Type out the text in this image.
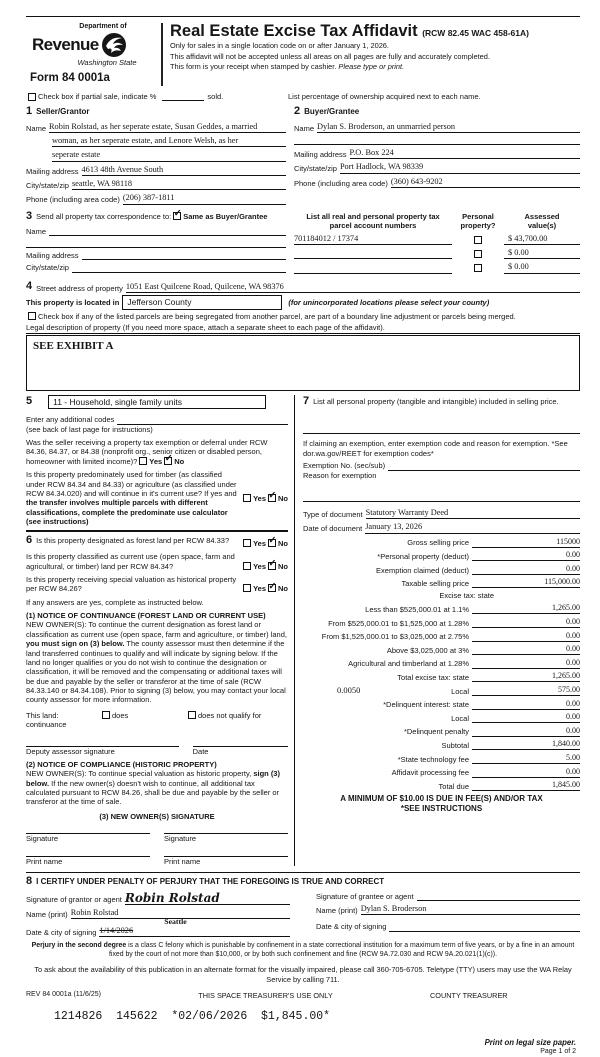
Department of
Revenue
Washington State
Form 84 0001a
Real Estate Excise Tax Affidavit (RCW 82.45 WAC 458-61A)
Only for sales in a single location code on or after January 1, 2026.
This affidavit will not be accepted unless all areas on all pages are fully and accurately completed.
This form is your receipt when stamped by cashier. Please type or print.
Check box if partial sale, indicate %	sold.	List percentage of ownership acquired next to each name.
1 Seller/Grantor
Name Robin Rolstad, as her seperate estate, Susan Geddes, a married
woman, as her seperate estate, and Lenore Welsh, as her
seperate estate
Mailing address 4613 48th Avenue South
City/state/zip seattle, WA 98118
Phone (including area code) (206) 387-1811
2 Buyer/Grantee
Name Dylan S. Broderson, an unmarried person
Mailing address P.O. Box 224
City/state/zip Port Hadlock, WA 98339
Phone (including area code) (360) 643-9202
3 Send all property tax correspondence to: ✓ Same as Buyer/Grantee
Name
Mailing address
City/state/zip
List all real and personal property tax
parcel account numbers
Personal
property?
Assessed
value(s)
701184012 / 17374	$ 43,700.00
$ 0.00
$ 0.00
4 Street address of property 1051 East Quilcene Road, Quilcene, WA 98376
This property is located in Jefferson County	(for unincorporated locations please select your county)
Check box if any of the listed parcels are being segregated from another parcel, are part of a boundary line adjustment or parcels being merged.
Legal description of property (If you need more space, attach a separate sheet to each page of the affidavit).
SEE EXHIBIT A
5	11 - Household, single family units
Enter any additional codes
(see back of last page for instructions)
Was the seller receiving a property tax exemption or deferral under RCW 84.36, 84.37, or 84.38 (nonprofit org., senior citizen or disabled person, homeowner with limited income)? Yes ✓ No
Is this property predominately used for timber (as classified under RCW 84.34 and 84.33) or agriculture (as classified under RCW 84.34.020) and will continue in it's current use? If yes and the transfer involves multiple parcels with different classifications, complete the predominate use calculator (see instructions)
Yes ✓ No
6 Is this property designated as forest land per RCW 84.33?	Yes ✓ No
Is this property classified as current use (open space, farm and agricultural, or timber) land per RCW 84.34?	Yes ✓ No
Is this property receiving special valuation as historical property per RCW 84.26?	Yes ✓ No
If any answers are yes, complete as instructed below.
(1) NOTICE OF CONTINUANCE (FOREST LAND OR CURRENT USE)
NEW OWNER(S): To continue the current designation as forest land or classification as current use (open space, farm and agriculture, or timber) land, you must sign on (3) below. The county assessor must then determine if the land transferred continues to qualify and will indicate by signing below. If the land no longer qualifies or you do not wish to continue the designation or classification, it will be removed and the compensating or additional taxes will be due and payable by the seller or transferor at the time of sale (RCW 84.33.140 or 84.34.108). Prior to signing (3) below, you may contact your local county assessor for more information.
This land:
continuance
does	does not qualify for
Deputy assessor signature	Date
(2) NOTICE OF COMPLIANCE (HISTORIC PROPERTY)
NEW OWNER(S): To continue special valuation as historic property, sign (3) below. If the new owner(s) doesn't wish to continue, all additional tax calculated pursuant to RCW 84.26, shall be due and payable by the seller or transferor at the time of sale.
(3) NEW OWNER(S) SIGNATURE
Signature	Signature
Print name	Print name
7 List all personal property (tangible and intangible) included in selling price.
If claiming an exemption, enter exemption code and reason for exemption. *See dor.wa.gov/REET for exemption codes*
Exemption No. (sec/sub)
Reason for exemption
Type of document Statutory Warranty Deed
Date of document January 13, 2026
Gross selling price	115000
*Personal property (deduct)	0.00
Exemption claimed (deduct)	0.00
Taxable selling price	115,000.00
Excise tax: state
Less than $525,000.01 at 1.1%	1,265.00
From $525,000.01 to $1,525,000 at 1.28%	0.00
From $1,525,000.01 to $3,025,000 at 2.75%	0.00
Above $3,025,000 at 3%	0.00
Agricultural and timberland at 1.28%	0.00
Total excise tax: state	1,265.00
0.0050	Local	575.00
*Delinquent interest: state	0.00
Local	0.00
*Delinquent penalty	0.00
Subtotal	1,840.00
*State technology fee	5.00
Affidavit processing fee	0.00
Total due	1,845.00
A MINIMUM OF $10.00 IS DUE IN FEE(S) AND/OR TAX
*SEE INSTRUCTIONS
8 I CERTIFY UNDER PENALTY OF PERJURY THAT THE FOREGOING IS TRUE AND CORRECT
Signature of grantor or agent Robin Rolstad
Name (print) Robin Rolstad
Date & city of signing
Seattle
1/14/2026
Signature of grantee or agent
Name (print) Dylan S. Broderson
Date & city of signing
Perjury in the second degree is a class C felony which is punishable by confinement in a state correctional institution for a maximum term of five years, or by a fine in an amount fixed by the court of not more than $10,000, or by both such confinement and fine (RCW 9A.72.030 and RCW 9A.20.021(1)(c)).
To ask about the availability of this publication in an alternate format for the visually impaired, please call 360-705-6705. Teletype (TTY) users may use the WA Relay Service by calling 711.
REV 84 0001a (11/6/25)	THIS SPACE TREASURER'S USE ONLY	COUNTY TREASURER
1214826  145622  *02/06/2026  $1,845.00*
Print on legal size paper.
Page 1 of 2
